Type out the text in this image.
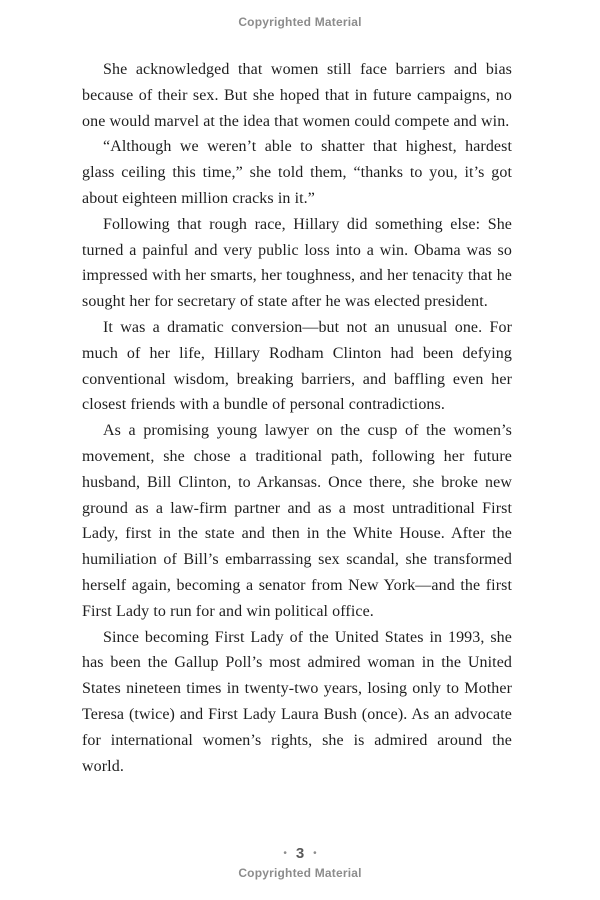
Copyrighted Material

She acknowledged that women still face barriers and bias because of their sex. But she hoped that in future campaigns, no one would marvel at the idea that women could compete and win.

“Although we weren’t able to shatter that highest, hardest glass ceiling this time,” she told them, “thanks to you, it’s got about eighteen million cracks in it.”

Following that rough race, Hillary did something else: She turned a painful and very public loss into a win. Obama was so impressed with her smarts, her toughness, and her tenacity that he sought her for secretary of state after he was elected president.

It was a dramatic conversion—but not an unusual one. For much of her life, Hillary Rodham Clinton had been defying conventional wisdom, breaking barriers, and baffling even her closest friends with a bundle of personal contradictions.

As a promising young lawyer on the cusp of the women’s movement, she chose a traditional path, following her future husband, Bill Clinton, to Arkansas. Once there, she broke new ground as a law-firm partner and as a most untraditional First Lady, first in the state and then in the White House. After the humiliation of Bill’s embarrassing sex scandal, she transformed herself again, becoming a senator from New York—and the first First Lady to run for and win political office.

Since becoming First Lady of the United States in 1993, she has been the Gallup Poll’s most admired woman in the United States nineteen times in twenty-two years, losing only to Mother Teresa (twice) and First Lady Laura Bush (once). As an advocate for international women’s rights, she is admired around the world.

• 3 •
Copyrighted Material
